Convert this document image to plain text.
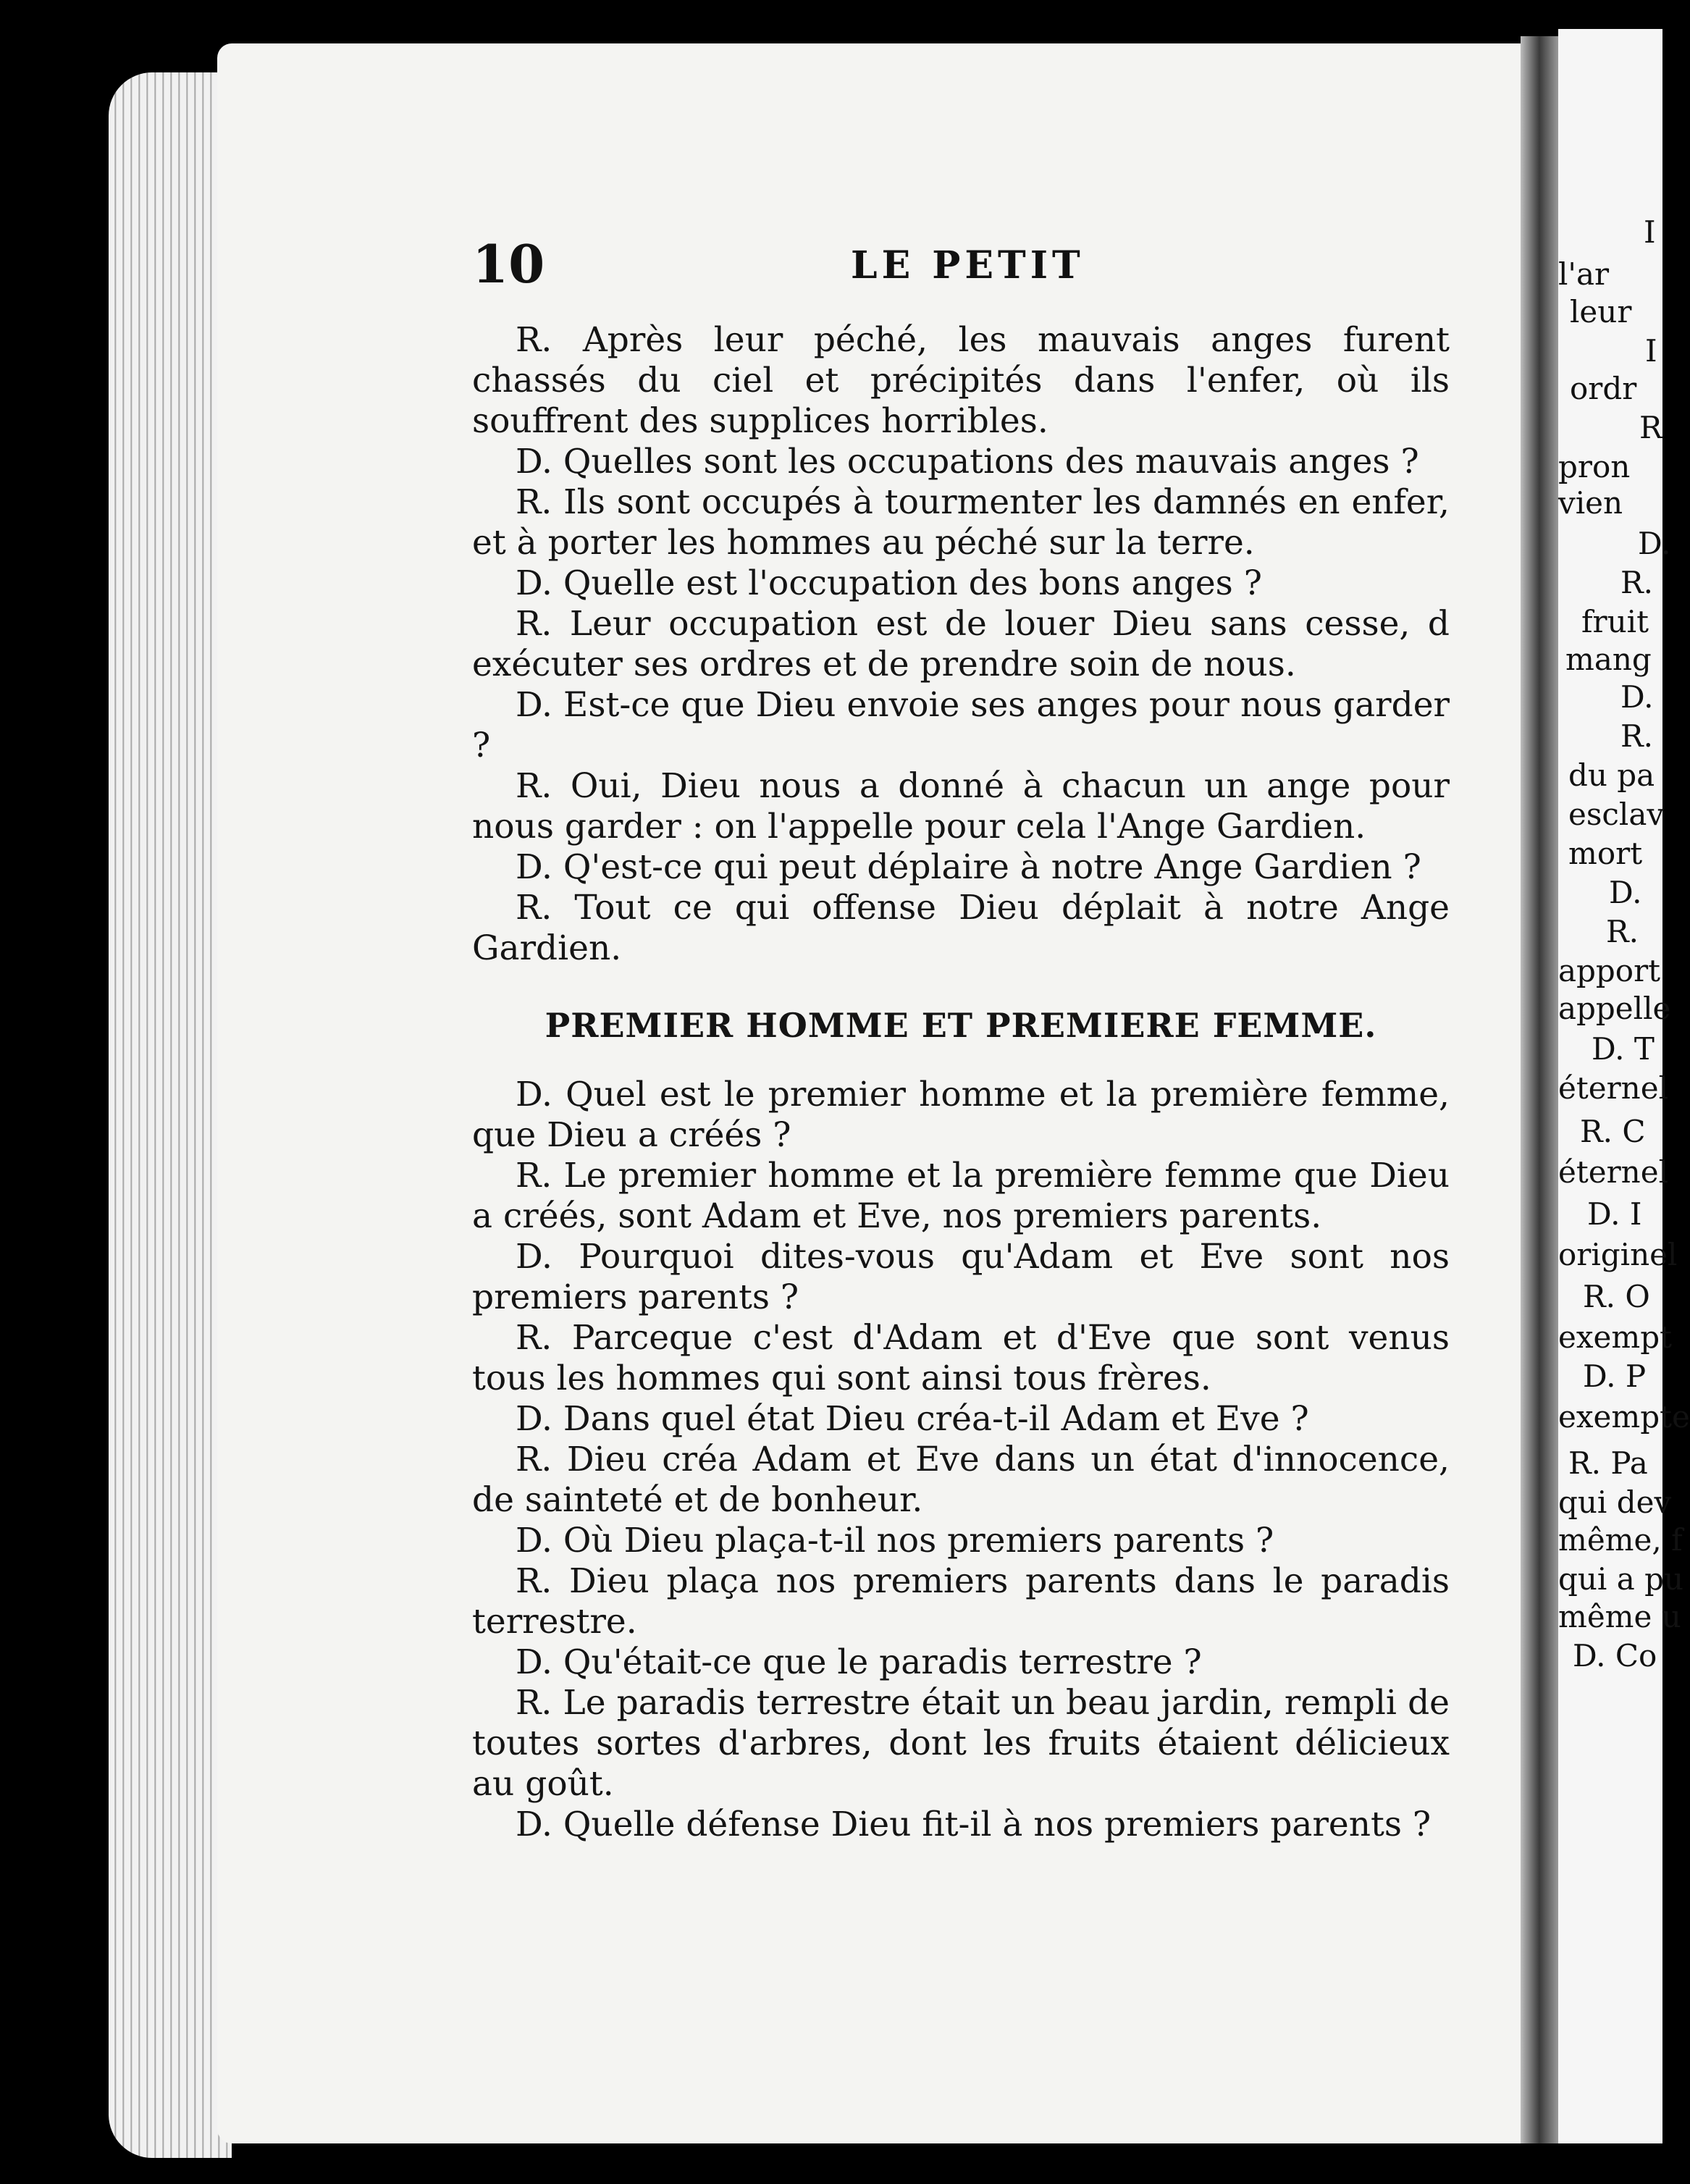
I
l'ar
leur
I
ordr
R
pron
vien
D.
R.
fruit
mang
D.
R.
du pa
esclav
mort
D.
R.
apport
appelle
D. T
éternel
R. C
éternel
D. I
originel
R. O
exempt
D. P
exempte
R. Pa
qui dev
même, f
qui a pu
même u
D. Co
10	LE PETIT

R. Après leur péché, les mauvais anges furent chassés du ciel et précipités dans l'enfer, où ils souffrent des supplices horribles.

D. Quelles sont les occupations des mauvais anges ?

R. Ils sont occupés à tourmenter les damnés en enfer, et à porter les hommes au péché sur la terre.

D. Quelle est l'occupation des bons anges ?

R. Leur occupation est de louer Dieu sans cesse, d exécuter ses ordres et de prendre soin de nous.

D. Est-ce que Dieu envoie ses anges pour nous garder ?

R. Oui, Dieu nous a donné à chacun un ange pour nous garder : on l'appelle pour cela l'Ange Gardien.

D. Q'est-ce qui peut déplaire à notre Ange Gardien ?

R. Tout ce qui offense Dieu déplait à notre Ange Gardien.

PREMIER HOMME ET PREMIERE FEMME.

D. Quel est le premier homme et la première femme, que Dieu a créés ?

R. Le premier homme et la première femme que Dieu a créés, sont Adam et Eve, nos premiers parents.

D. Pourquoi dites-vous qu'Adam et Eve sont nos premiers parents ?

R. Parceque c'est d'Adam et d'Eve que sont venus tous les hommes qui sont ainsi tous frères.

D. Dans quel état Dieu créa-t-il Adam et Eve ?

R. Dieu créa Adam et Eve dans un état d'innocence, de sainteté et de bonheur.

D. Où Dieu plaça-t-il nos premiers parents ?

R. Dieu plaça nos premiers parents dans le paradis terrestre.

D. Qu'était-ce que le paradis terrestre ?

R. Le paradis terrestre était un beau jardin, rempli de toutes sortes d'arbres, dont les fruits étaient délicieux au goût.

D. Quelle défense Dieu fit-il à nos premiers parents ?
